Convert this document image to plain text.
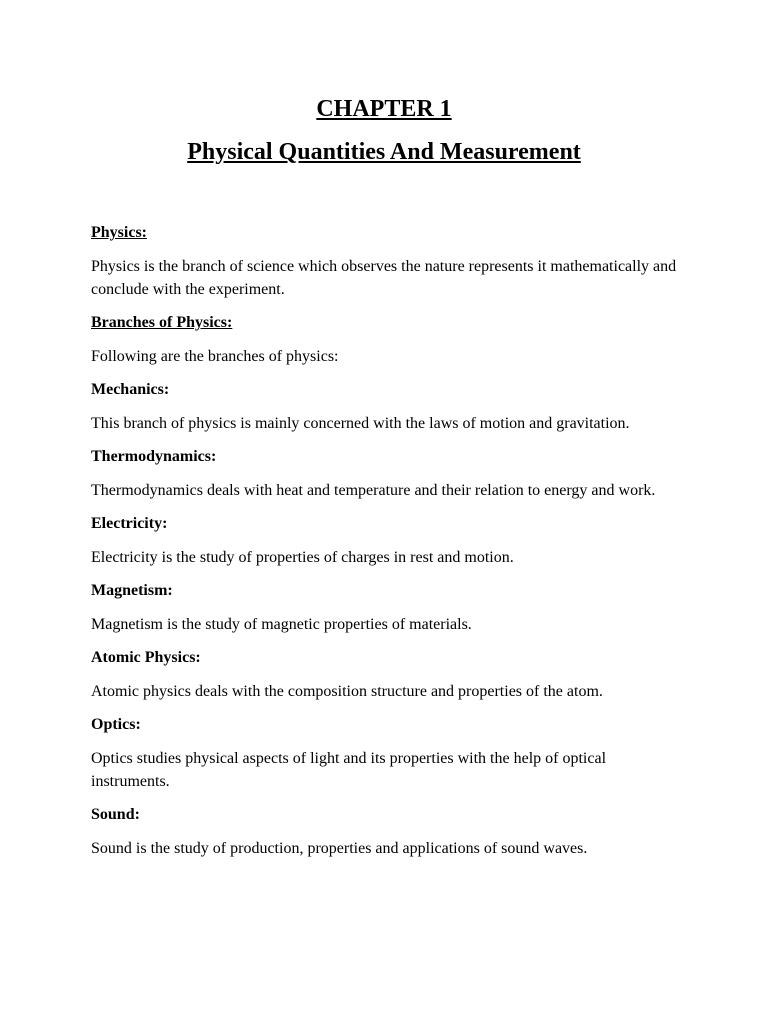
CHAPTER 1
Physical Quantities And Measurement

Physics:

Physics is the branch of science which observes the nature represents it mathematically and conclude with the experiment.

Branches of Physics:

Following are the branches of physics:

Mechanics:

This branch of physics is mainly concerned with the laws of motion and gravitation.

Thermodynamics:

Thermodynamics deals with heat and temperature and their relation to energy and work.

Electricity:

Electricity is the study of properties of charges in rest and motion.

Magnetism:

Magnetism is the study of magnetic properties of materials.

Atomic Physics:

Atomic physics deals with the composition structure and properties of the atom.

Optics:

Optics studies physical aspects of light and its properties with the help of optical instruments.

Sound:

Sound is the study of production, properties and applications of sound waves.
